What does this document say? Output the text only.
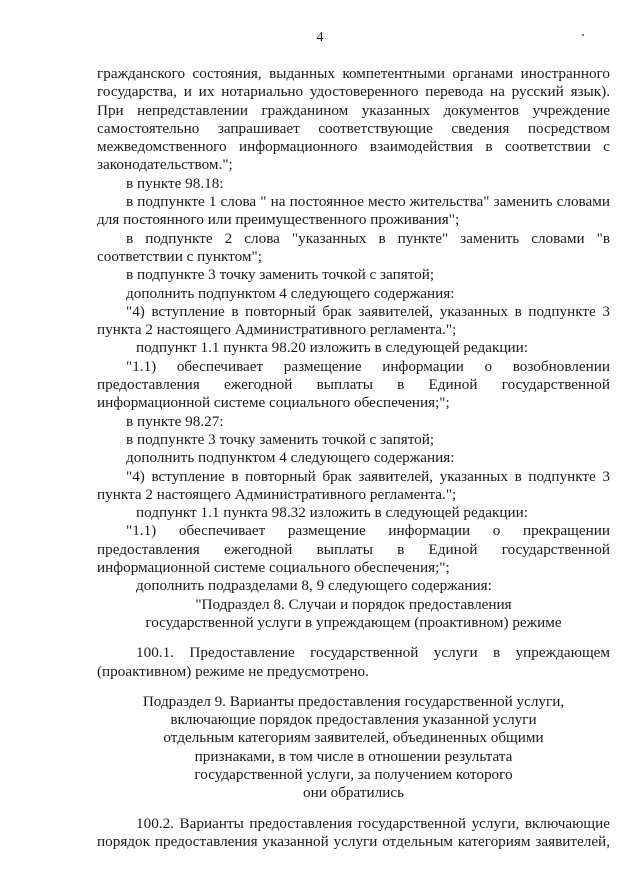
4
гражданского состояния, выданных компетентными органами иностранного
государства, и их нотариально удостоверенного перевода на русский язык).
При непредставлении гражданином указанных документов учреждение
самостоятельно запрашивает соответствующие сведения посредством
межведомственного информационного взаимодействия в соответствии с
законодательством.";
в пункте 98.18:
в подпункте 1 слова " на постоянное место жительства" заменить словами
для постоянного или преимущественного проживания";
в подпункте 2 слова "указанных в пункте" заменить словами "в
соответствии с пунктом";
в подпункте 3 точку заменить точкой с запятой;
дополнить подпунктом 4 следующего содержания:
"4) вступление в повторный брак заявителей, указанных в подпункте 3
пункта 2 настоящего Административного регламента.";
подпункт 1.1 пункта 98.20 изложить в следующей редакции:
"1.1) обеспечивает размещение информации о возобновлении
предоставления ежегодной выплаты в Единой государственной
информационной системе социального обеспечения;";
в пункте 98.27:
в подпункте 3 точку заменить точкой с запятой;
дополнить подпунктом 4 следующего содержания:
"4) вступление в повторный брак заявителей, указанных в подпункте 3
пункта 2 настоящего Административного регламента.";
подпункт 1.1 пункта 98.32 изложить в следующей редакции:
"1.1) обеспечивает размещение информации о прекращении
предоставления ежегодной выплаты в Единой государственной
информационной системе социального обеспечения;";
дополнить подразделами 8, 9 следующего содержания:
"Подраздел 8. Случаи и порядок предоставления
государственной услуги в упреждающем (проактивном) режиме
100.1. Предоставление государственной услуги в упреждающем
(проактивном) режиме не предусмотрено.
Подраздел 9. Варианты предоставления государственной услуги,
включающие порядок предоставления указанной услуги
отдельным категориям заявителей, объединенных общими
признаками, в том числе в отношении результата
государственной услуги, за получением которого
они обратились
100.2. Варианты предоставления государственной услуги, включающие
порядок предоставления указанной услуги отдельным категориям заявителей,
